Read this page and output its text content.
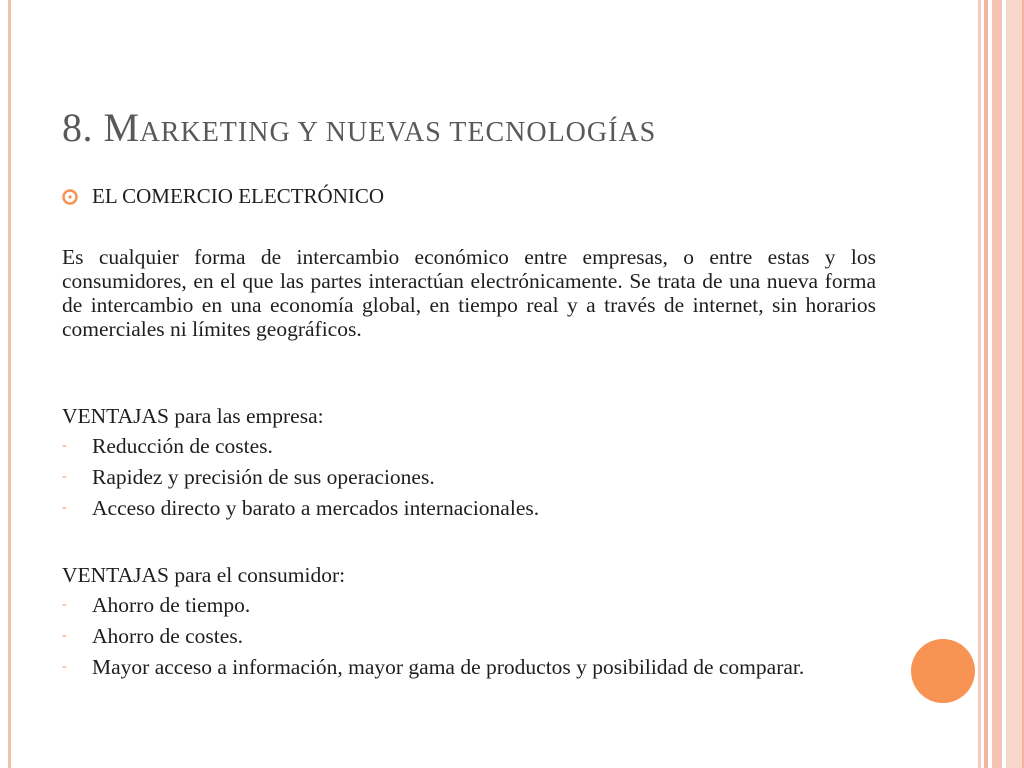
8. MARKETING Y NUEVAS TECNOLOGÍAS
EL COMERCIO ELECTRÓNICO

Es cualquier forma de intercambio económico entre empresas, o entre estas y los consumidores, en el que las partes interactúan electrónicamente. Se trata de una nueva forma de intercambio en una economía global, en tiempo real y a través de internet, sin horarios comerciales ni límites geográficos.

VENTAJAS para las empresa:
- Reducción de costes.
- Rapidez y precisión de sus operaciones.
- Acceso directo y barato a mercados internacionales.
VENTAJAS para el consumidor:
- Ahorro de tiempo.
- Ahorro de costes.
- Mayor acceso a información, mayor gama de productos y posibilidad de comparar.
